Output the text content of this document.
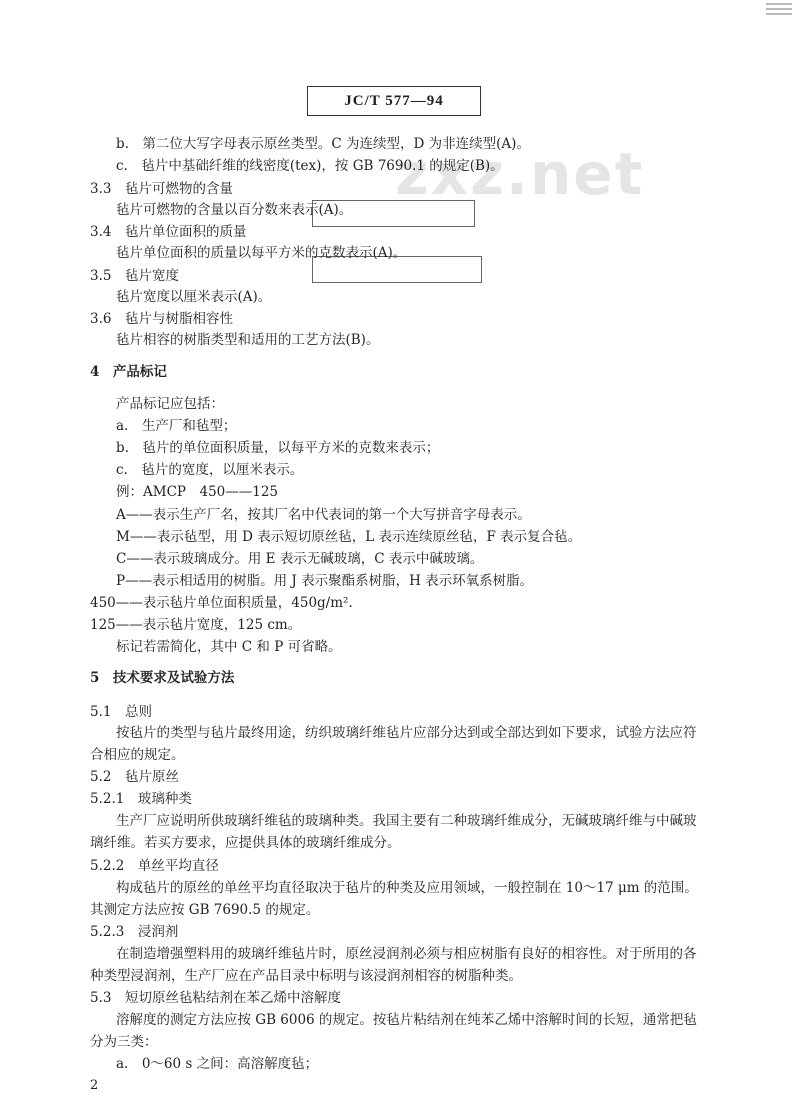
JC/T 577—94
zxz.net
b.　第二位大写字母表示原丝类型。C 为连续型，D 为非连续型(A)。
c.　毡片中基础纤维的线密度(tex)，按 GB 7690.1 的规定(B)。
3.3　毡片可燃物的含量
毡片可燃物的含量以百分数来表示(A)。
3.4　毡片单位面积的质量
毡片单位面积的质量以每平方米的克数表示(A)。
3.5　毡片宽度
毡片宽度以厘米表示(A)。
3.6　毡片与树脂相容性
毡片相容的树脂类型和适用的工艺方法(B)。
4　产品标记
产品标记应包括：
a.　生产厂和毡型；
b.　毡片的单位面积质量，以每平方米的克数来表示；
c.　毡片的宽度，以厘米表示。
例：AMCP　450——125
A——表示生产厂名，按其厂名中代表词的第一个大写拼音字母表示。
M——表示毡型，用 D 表示短切原丝毡，L 表示连续原丝毡，F 表示复合毡。
C——表示玻璃成分。用 E 表示无碱玻璃，C 表示中碱玻璃。
P——表示相适用的树脂。用 J 表示聚酯系树脂，H 表示环氧系树脂。
450——表示毡片单位面积质量，450g/m².
125——表示毡片宽度，125 cm。
标记若需简化，其中 C 和 P 可省略。
5　技术要求及试验方法
5.1　总则
按毡片的类型与毡片最终用途，纺织玻璃纤维毡片应部分达到或全部达到如下要求，试验方法应符
合相应的规定。
5.2　毡片原丝
5.2.1　玻璃种类
生产厂应说明所供玻璃纤维毡的玻璃种类。我国主要有二种玻璃纤维成分，无碱玻璃纤维与中碱玻
璃纤维。若买方要求，应提供具体的玻璃纤维成分。
5.2.2　单丝平均直径
构成毡片的原丝的单丝平均直径取决于毡片的种类及应用领域，一般控制在 10～17 μm 的范围。
其测定方法应按 GB 7690.5 的规定。
5.2.3　浸润剂
在制造增强塑料用的玻璃纤维毡片时，原丝浸润剂必须与相应树脂有良好的相容性。对于所用的各
种类型浸润剂，生产厂应在产品目录中标明与该浸润剂相容的树脂种类。
5.3　短切原丝毡粘结剂在苯乙烯中溶解度
溶解度的测定方法应按 GB 6006 的规定。按毡片粘结剂在纯苯乙烯中溶解时间的长短，通常把毡
分为三类：
a.　0～60 s 之间：高溶解度毡；
2
